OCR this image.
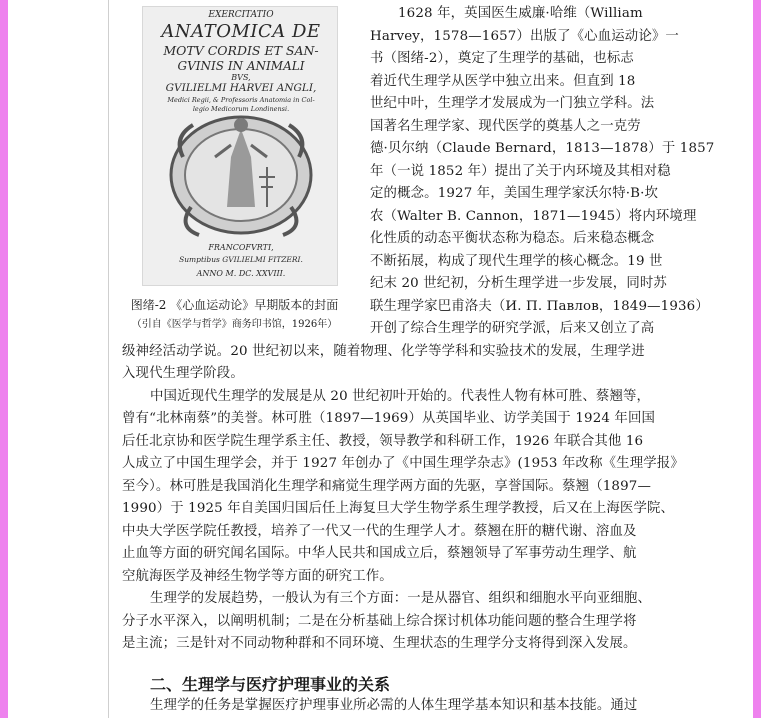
EXERCITATIO
ANATOMICA DE
MOTV CORDIS ET SAN-
GVINIS IN ANIMALI
BVS,
GVILIELMI HARVEI ANGLI,
Medici Regii, & Professoris Anatomia in Col-
legio Medicorum Londinensi.
FRANCOFVRTI,
Sumptibus GVILIELMI FITZERI.
ANNO M. DC. XXVIII.
图绪-2 《心血运动论》早期版本的封面
（引自《医学与哲学》商务印书馆，1926年）
1628 年，英国医生威廉·哈维（William
Harvey，1578—1657）出版了《心血运动论》一
书（图绪-2），奠定了生理学的基础，也标志
着近代生理学从医学中独立出来。但直到 18
世纪中叶，生理学才发展成为一门独立学科。法
国著名生理学家、现代医学的奠基人之一克劳
德·贝尔纳（Claude Bernard，1813—1878）于 1857
年（一说 1852 年）提出了关于内环境及其相对稳
定的概念。1927 年，美国生理学家沃尔特·B·坎
农（Walter B. Cannon，1871—1945）将内环境理
化性质的动态平衡状态称为稳态。后来稳态概念
不断拓展，构成了现代生理学的核心概念。19 世
纪末 20 世纪初，分析生理学进一步发展，同时苏
联生理学家巴甫洛夫（И. П. Павлов，1849—1936）
开创了综合生理学的研究学派，后来又创立了高
级神经活动学说。20 世纪初以来，随着物理、化学等学科和实验技术的发展，生理学进
入现代生理学阶段。
中国近现代生理学的发展是从 20 世纪初叶开始的。代表性人物有林可胜、蔡翘等，
曾有“北林南蔡”的美誉。林可胜（1897—1969）从英国毕业、访学美国于 1924 年回国
后任北京协和医学院生理学系主任、教授，领导教学和科研工作，1926 年联合其他 16
人成立了中国生理学会，并于 1927 年创办了《中国生理学杂志》(1953 年改称《生理学报》
至今）。林可胜是我国消化生理学和痛觉生理学两方面的先驱，享誉国际。蔡翘（1897—
1990）于 1925 年自美国归国后任上海复旦大学生物学系生理学教授，后又在上海医学院、
中央大学医学院任教授，培养了一代又一代的生理学人才。蔡翘在肝的糖代谢、溶血及
止血等方面的研究闻名国际。中华人民共和国成立后，蔡翘领导了军事劳动生理学、航
空航海医学及神经生物学等方面的研究工作。
生理学的发展趋势，一般认为有三个方面：一是从器官、组织和细胞水平向亚细胞、
分子水平深入，以阐明机制；二是在分析基础上综合探讨机体功能问题的整合生理学将
是主流；三是针对不同动物种群和不同环境、生理状态的生理学分支将得到深入发展。
二、生理学与医疗护理事业的关系
生理学的任务是掌握医疗护理事业所必需的人体生理学基本知识和基本技能。通过
